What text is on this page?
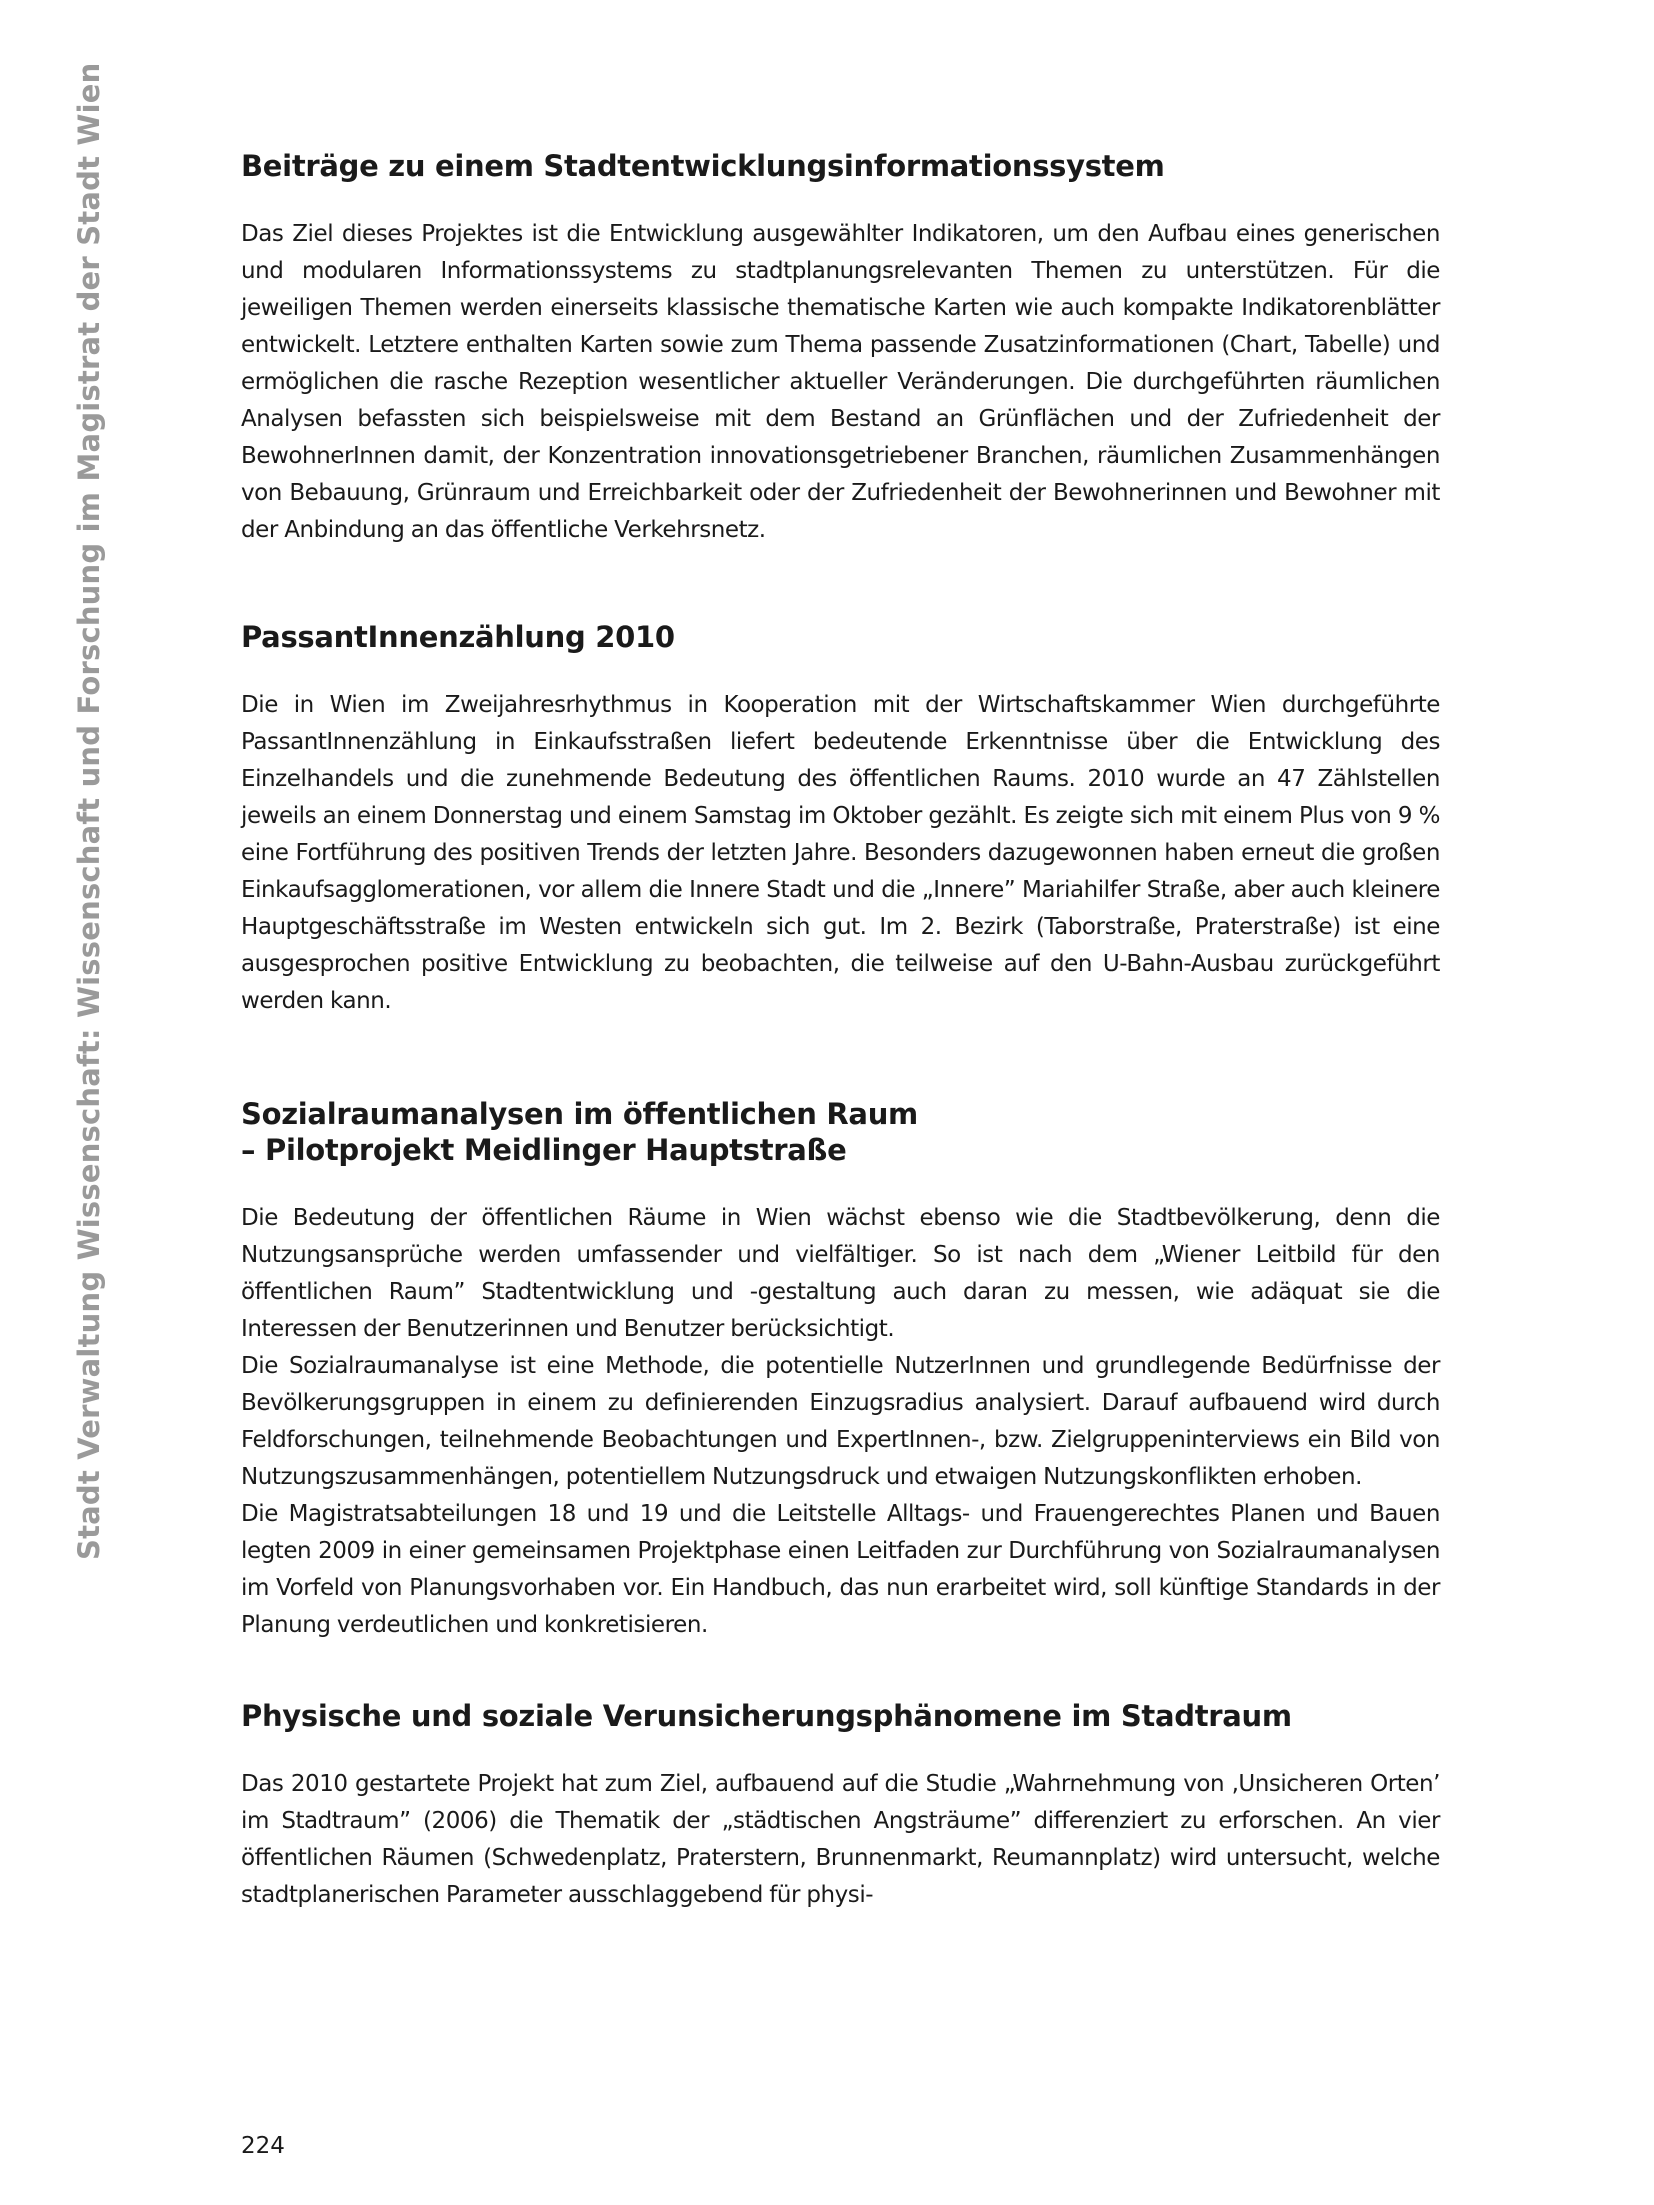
Stadt Verwaltung Wissenschaft: Wissenschaft und Forschung im Magistrat der Stadt Wien	Beiträge zu einem Stadtentwicklungsinformationssystem

Das Ziel dieses Projektes ist die Entwicklung ausgewählter Indikatoren, um den Aufbau eines generischen und modularen Informationssystems zu stadtplanungsrelevanten Themen zu unterstützen. Für die jeweiligen Themen werden einerseits klassische thematische Karten wie auch kompakte Indikatorenblätter entwickelt. Letztere enthalten Karten sowie zum Thema passende Zusatzinformationen (Chart, Tabelle) und ermöglichen die rasche Rezeption wesentlicher aktueller Veränderungen. Die durchgeführten räumlichen Analysen befassten sich beispielsweise mit dem Bestand an Grünflächen und der Zufriedenheit der BewohnerInnen damit, der Konzentration innovationsgetriebener Branchen, räumlichen Zusammenhängen von Bebauung, Grünraum und Erreichbarkeit oder der Zufriedenheit der Bewohnerinnen und Bewohner mit der Anbindung an das öffentliche Verkehrsnetz.

PassantInnenzählung 2010

Die in Wien im Zweijahresrhythmus in Kooperation mit der Wirtschaftskammer Wien durchgeführte PassantInnenzählung in Einkaufsstraßen liefert bedeutende Erkenntnisse über die Entwicklung des Einzelhandels und die zunehmende Bedeutung des öffentlichen Raums. 2010 wurde an 47 Zählstellen jeweils an einem Donnerstag und einem Samstag im Oktober gezählt. Es zeigte sich mit einem Plus von 9 % eine Fortführung des positiven Trends der letzten Jahre. Besonders dazugewonnen haben erneut die großen Einkaufsagglomerationen, vor allem die Innere Stadt und die „Innere” Mariahilfer Straße, aber auch kleinere Hauptgeschäftsstraße im Westen entwickeln sich gut. Im 2. Bezirk (Taborstraße, Praterstraße) ist eine ausgesprochen positive Entwicklung zu beobachten, die teilweise auf den U-Bahn-Ausbau zurückgeführt werden kann.

Sozialraumanalysen im öffentlichen Raum
– Pilotprojekt Meidlinger Hauptstraße

Die Bedeutung der öffentlichen Räume in Wien wächst ebenso wie die Stadtbevölkerung, denn die Nutzungsansprüche werden umfassender und vielfältiger. So ist nach dem „Wiener Leitbild für den öffentlichen Raum” Stadtentwicklung und -gestaltung auch daran zu messen, wie adäquat sie die Interessen der Benutzerinnen und Benutzer berücksichtigt.

Die Sozialraumanalyse ist eine Methode, die potentielle NutzerInnen und grundlegende Bedürfnisse der Bevölkerungsgruppen in einem zu definierenden Einzugsradius analysiert. Darauf aufbauend wird durch Feldforschungen, teilnehmende Beobachtungen und ExpertInnen-, bzw. Zielgruppeninterviews ein Bild von Nutzungszusammenhängen, potentiellem Nutzungsdruck und etwaigen Nutzungskonflikten erhoben.

Die Magistratsabteilungen 18 und 19 und die Leitstelle Alltags- und Frauengerechtes Planen und Bauen legten 2009 in einer gemeinsamen Projektphase einen Leitfaden zur Durchführung von Sozialraumanalysen im Vorfeld von Planungsvorhaben vor. Ein Handbuch, das nun erarbeitet wird, soll künftige Standards in der Planung verdeutlichen und konkretisieren.

Physische und soziale Verunsicherungsphänomene im Stadtraum

Das 2010 gestartete Projekt hat zum Ziel, aufbauend auf die Studie „Wahrnehmung von ‚Unsicheren Orten’ im Stadtraum” (2006) die Thematik der „städtischen Angsträume” differenziert zu erforschen. An vier öffentlichen Räumen (Schwedenplatz, Praterstern, Brunnenmarkt, Reumannplatz) wird untersucht, welche stadtplanerischen Parameter ausschlaggebend für physi-

224
